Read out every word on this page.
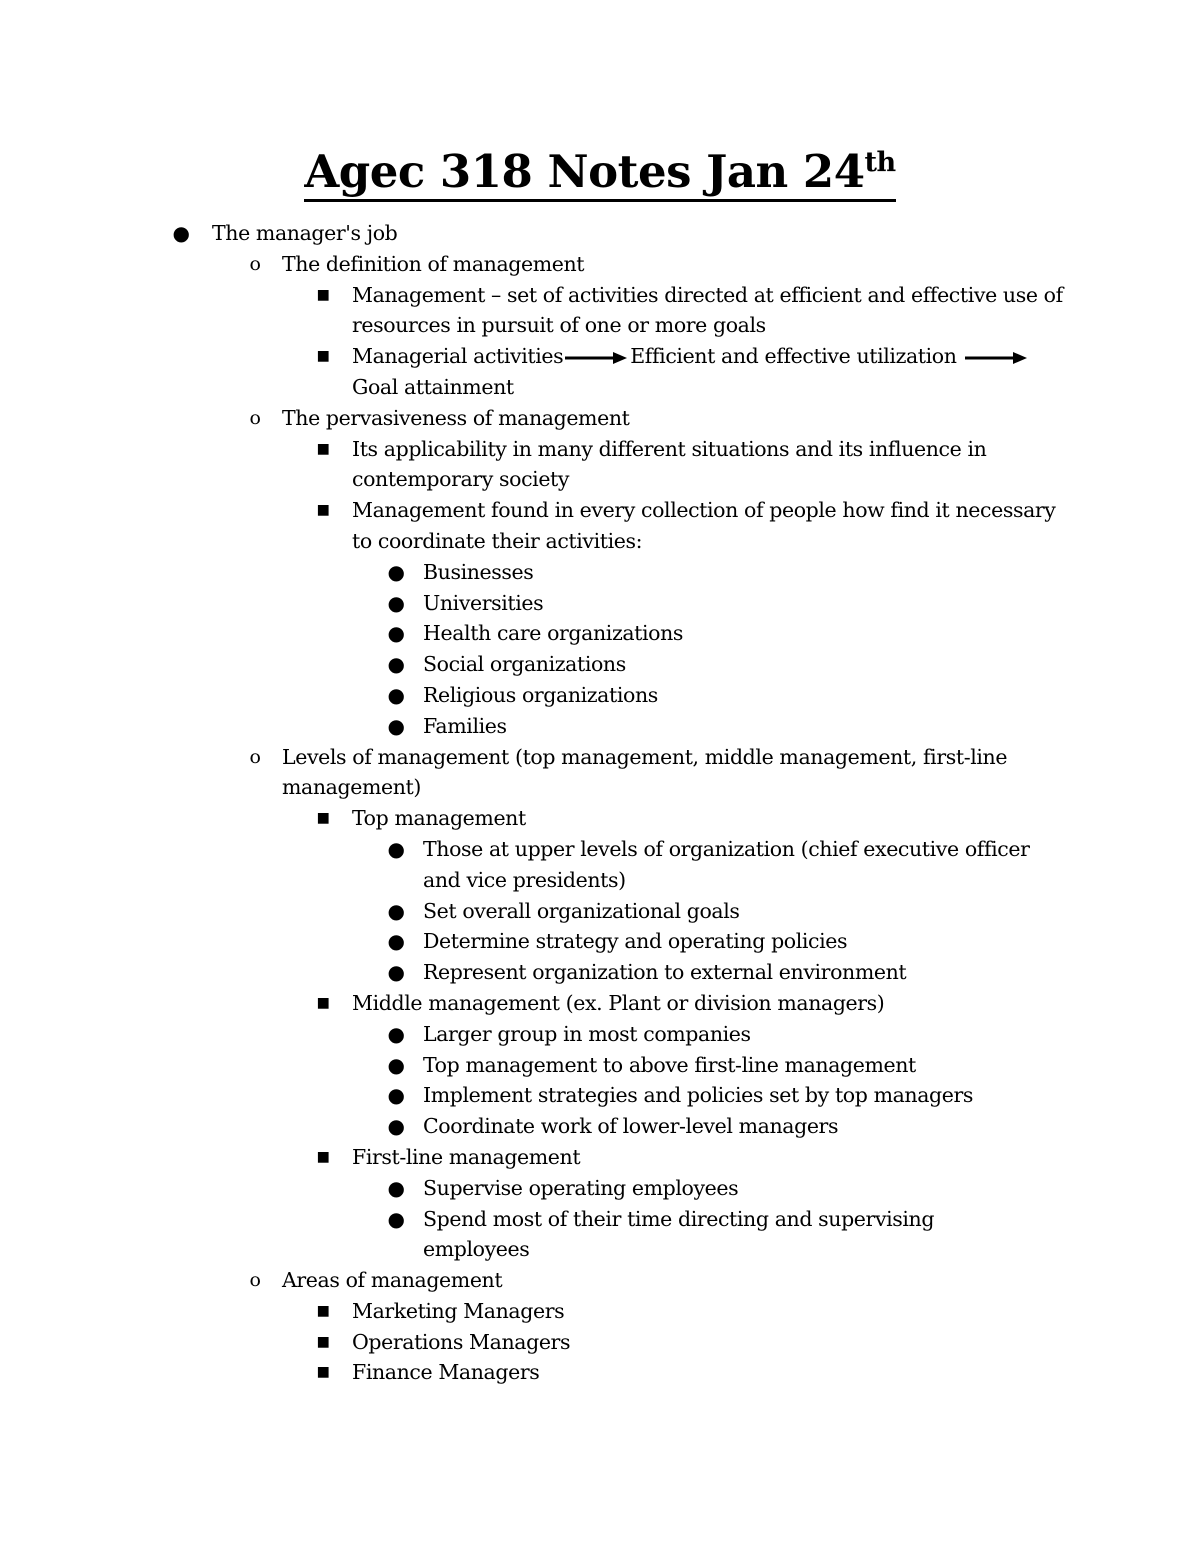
Agec 318 Notes Jan 24th
● The manager's job
o The definition of management
■ Management – set of activities directed at efficient and effective use of resources in pursuit of one or more goals
■ Managerial activities	Efficient and effective utilization
Goal attainment
o The pervasiveness of management
■ Its applicability in many different situations and its influence in contemporary society
■ Management found in every collection of people how find it necessary to coordinate their activities:
● Businesses
● Universities
● Health care organizations
● Social organizations
● Religious organizations
● Families
o Levels of management (top management, middle management, first-line management)
■ Top management
● Those at upper levels of organization (chief executive officer and vice presidents)
● Set overall organizational goals
● Determine strategy and operating policies
● Represent organization to external environment
■ Middle management (ex. Plant or division managers)
● Larger group in most companies
● Top management to above first-line management
● Implement strategies and policies set by top managers
● Coordinate work of lower-level managers
■ First-line management
● Supervise operating employees
● Spend most of their time directing and supervising employees
o Areas of management
■ Marketing Managers
■ Operations Managers
■ Finance Managers
